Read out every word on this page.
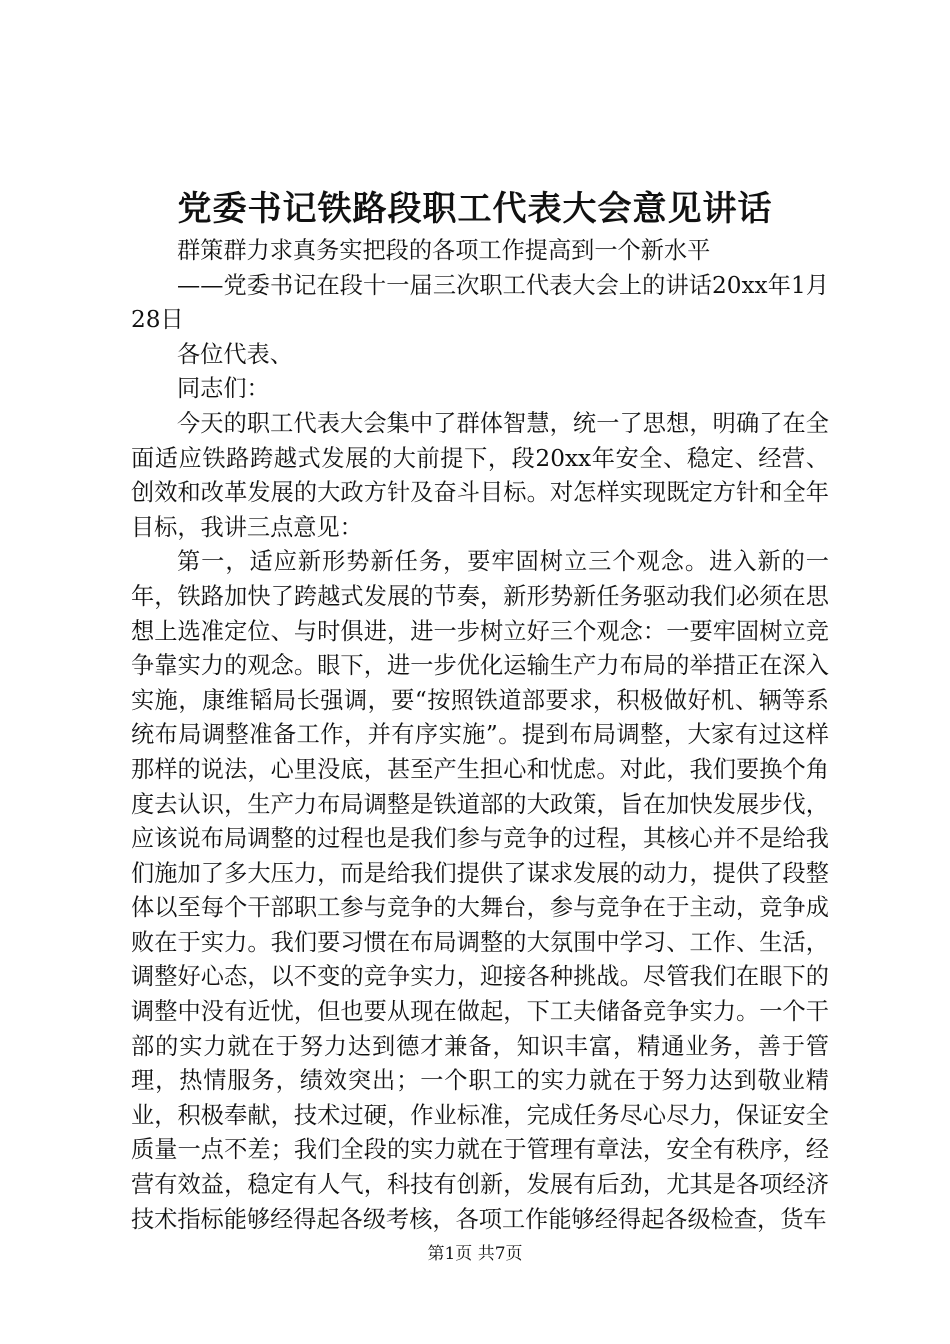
党委书记铁路段职工代表大会意见讲话

群策群力求真务实把段的各项工作提高到一个新水平

——党委书记在段十一届三次职工代表大会上的讲话20xx年1月28日

各位代表、

同志们：

今天的职工代表大会集中了群体智慧，统一了思想，明确了在全面适应铁路跨越式发展的大前提下，段20xx年安全、稳定、经营、创效和改革发展的大政方针及奋斗目标。对怎样实现既定方针和全年目标，我讲三点意见：

第一，适应新形势新任务，要牢固树立三个观念。进入新的一年，铁路加快了跨越式发展的节奏，新形势新任务驱动我们必须在思想上选准定位、与时俱进，进一步树立好三个观念：一要牢固树立竞争靠实力的观念。眼下，进一步优化运输生产力布局的举措正在深入实施，康维韬局长强调，要“按照铁道部要求，积极做好机、辆等系统布局调整准备工作，并有序实施”。提到布局调整，大家有过这样那样的说法，心里没底，甚至产生担心和忧虑。对此，我们要换个角度去认识，生产力布局调整是铁道部的大政策，旨在加快发展步伐，应该说布局调整的过程也是我们参与竞争的过程，其核心并不是给我们施加了多大压力，而是给我们提供了谋求发展的动力，提供了段整体以至每个干部职工参与竞争的大舞台，参与竞争在于主动，竞争成败在于实力。我们要习惯在布局调整的大氛围中学习、工作、生活，调整好心态，以不变的竞争实力，迎接各种挑战。尽管我们在眼下的调整中没有近忧，但也要从现在做起，下工夫储备竞争实力。一个干部的实力就在于努力达到德才兼备，知识丰富，精通业务，善于管理，热情服务，绩效突出；一个职工的实力就在于努力达到敬业精业，积极奉献，技术过硬，作业标准，完成任务尽心尽力，保证安全质量一点不差；我们全段的实力就在于管理有章法，安全有秩序，经营有效益，稳定有人气，科技有创新，发展有后劲，尤其是各项经济技术指标能够经得起各级考核，各项工作能够经得起各级检查，货车

第1页 共7页
